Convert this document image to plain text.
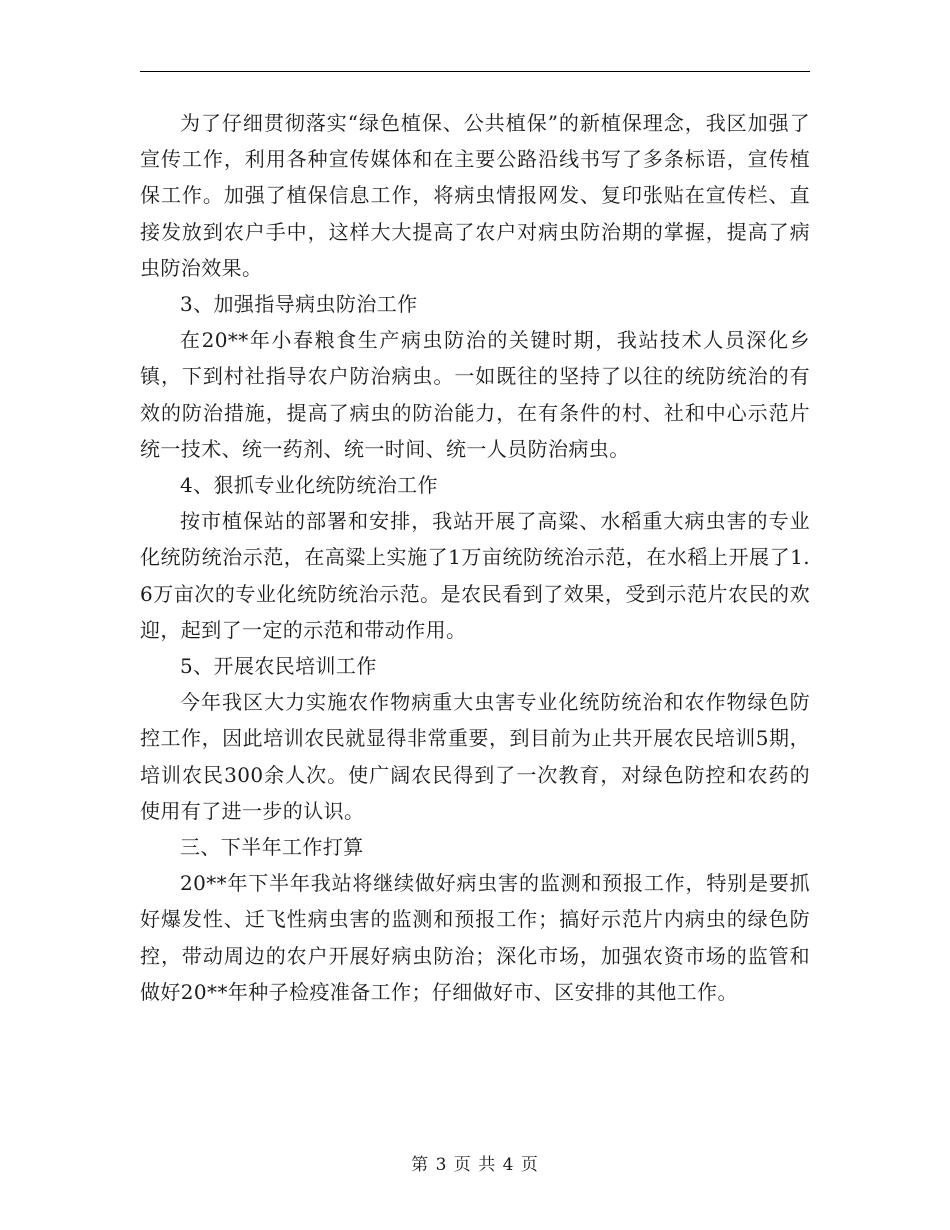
为了仔细贯彻落实“绿色植保、公共植保”的新植保理念，我区加强了宣传工作，利用各种宣传媒体和在主要公路沿线书写了多条标语，宣传植保工作。加强了植保信息工作，将病虫情报网发、复印张贴在宣传栏、直接发放到农户手中，这样大大提高了农户对病虫防治期的掌握，提高了病虫防治效果。

3、加强指导病虫防治工作

在20**年小春粮食生产病虫防治的关键时期，我站技术人员深化乡镇，下到村社指导农户防治病虫。一如既往的坚持了以往的统防统治的有效的防治措施，提高了病虫的防治能力，在有条件的村、社和中心示范片统一技术、统一药剂、统一时间、统一人员防治病虫。

4、狠抓专业化统防统治工作

按市植保站的部署和安排，我站开展了高粱、水稻重大病虫害的专业化统防统治示范，在高粱上实施了1万亩统防统治示范，在水稻上开展了1.6万亩次的专业化统防统治示范。是农民看到了效果，受到示范片农民的欢迎，起到了一定的示范和带动作用。

5、开展农民培训工作

今年我区大力实施农作物病重大虫害专业化统防统治和农作物绿色防控工作，因此培训农民就显得非常重要，到目前为止共开展农民培训5期，培训农民300余人次。使广阔农民得到了一次教育，对绿色防控和农药的使用有了进一步的认识。

三、下半年工作打算

20**年下半年我站将继续做好病虫害的监测和预报工作，特别是要抓好爆发性、迁飞性病虫害的监测和预报工作；搞好示范片内病虫的绿色防控，带动周边的农户开展好病虫防治；深化市场，加强农资市场的监管和做好20**年种子检疫准备工作；仔细做好市、区安排的其他工作。

第 3 页 共 4 页
